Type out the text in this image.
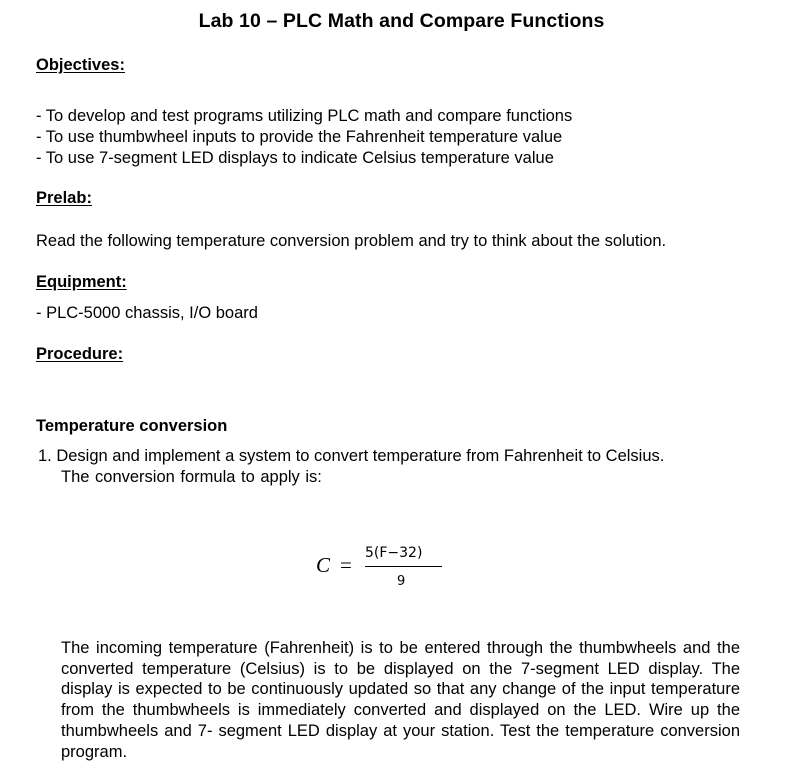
Lab 10 – PLC Math and Compare Functions
Objectives:
- To develop and test programs utilizing PLC math and compare functions
- To use thumbwheel inputs to provide the Fahrenheit temperature value
- To use 7-segment LED displays to indicate Celsius temperature value
Prelab:
Read the following temperature conversion problem and try to think about the solution.
Equipment:
- PLC-5000 chassis, I/O board
Procedure:
Temperature conversion
1. Design and implement a system to convert temperature from Fahrenheit to Celsius.
The conversion formula to apply is:
C = 5(F−32)
9
The incoming temperature (Fahrenheit) is to be entered through the thumbwheels and the converted temperature (Celsius) is to be displayed on the 7-segment LED display. The display is expected to be continuously updated so that any change of the input temperature from the thumbwheels is immediately converted and displayed on the LED. Wire up the thumbwheels and 7- segment LED display at your station. Test the temperature conversion program.
